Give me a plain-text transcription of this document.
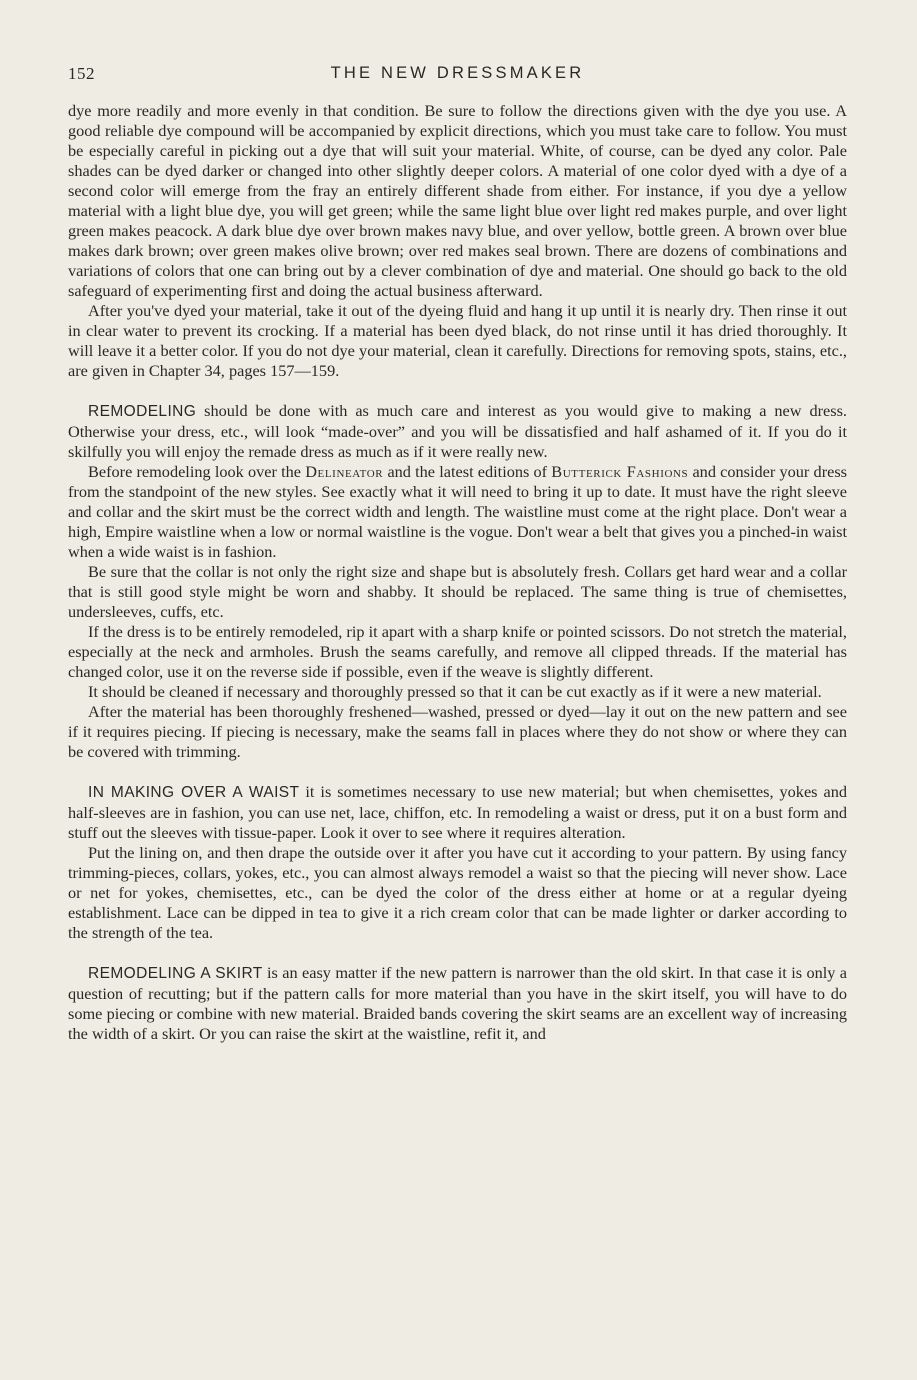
152	THE NEW DRESSMAKER

dye more readily and more evenly in that condition. Be sure to follow the directions given with the dye you use. A good reliable dye compound will be accompanied by explicit directions, which you must take care to follow. You must be especially careful in picking out a dye that will suit your material. White, of course, can be dyed any color. Pale shades can be dyed darker or changed into other slightly deeper colors. A material of one color dyed with a dye of a second color will emerge from the fray an entirely different shade from either. For instance, if you dye a yellow material with a light blue dye, you will get green; while the same light blue over light red makes purple, and over light green makes peacock. A dark blue dye over brown makes navy blue, and over yellow, bottle green. A brown over blue makes dark brown; over green makes olive brown; over red makes seal brown. There are dozens of combinations and variations of colors that one can bring out by a clever combination of dye and material. One should go back to the old safeguard of experimenting first and doing the actual business afterward.

After you've dyed your material, take it out of the dyeing fluid and hang it up until it is nearly dry. Then rinse it out in clear water to prevent its crocking. If a material has been dyed black, do not rinse until it has dried thoroughly. It will leave it a better color. If you do not dye your material, clean it carefully. Directions for removing spots, stains, etc., are given in Chapter 34, pages 157—159.

REMODELING should be done with as much care and interest as you would give to making a new dress. Otherwise your dress, etc., will look “made-over” and you will be dissatisfied and half ashamed of it. If you do it skilfully you will enjoy the remade dress as much as if it were really new.

Before remodeling look over the Delineator and the latest editions of Butterick Fashions and consider your dress from the standpoint of the new styles. See exactly what it will need to bring it up to date. It must have the right sleeve and collar and the skirt must be the correct width and length. The waistline must come at the right place. Don't wear a high, Empire waistline when a low or normal waistline is the vogue. Don't wear a belt that gives you a pinched-in waist when a wide waist is in fashion.

Be sure that the collar is not only the right size and shape but is absolutely fresh. Collars get hard wear and a collar that is still good style might be worn and shabby. It should be replaced. The same thing is true of chemisettes, undersleeves, cuffs, etc.

If the dress is to be entirely remodeled, rip it apart with a sharp knife or pointed scissors. Do not stretch the material, especially at the neck and armholes. Brush the seams carefully, and remove all clipped threads. If the material has changed color, use it on the reverse side if possible, even if the weave is slightly different.

It should be cleaned if necessary and thoroughly pressed so that it can be cut exactly as if it were a new material.

After the material has been thoroughly freshened—washed, pressed or dyed—lay it out on the new pattern and see if it requires piecing. If piecing is necessary, make the seams fall in places where they do not show or where they can be covered with trimming.

IN MAKING OVER A WAIST it is sometimes necessary to use new material; but when chemisettes, yokes and half-sleeves are in fashion, you can use net, lace, chiffon, etc. In remodeling a waist or dress, put it on a bust form and stuff out the sleeves with tissue-paper. Look it over to see where it requires alteration.

Put the lining on, and then drape the outside over it after you have cut it according to your pattern. By using fancy trimming-pieces, collars, yokes, etc., you can almost always remodel a waist so that the piecing will never show. Lace or net for yokes, chemisettes, etc., can be dyed the color of the dress either at home or at a regular dyeing establishment. Lace can be dipped in tea to give it a rich cream color that can be made lighter or darker according to the strength of the tea.

REMODELING A SKIRT is an easy matter if the new pattern is narrower than the old skirt. In that case it is only a question of recutting; but if the pattern calls for more material than you have in the skirt itself, you will have to do some piecing or combine with new material. Braided bands covering the skirt seams are an excellent way of increasing the width of a skirt. Or you can raise the skirt at the waistline, refit it, and
